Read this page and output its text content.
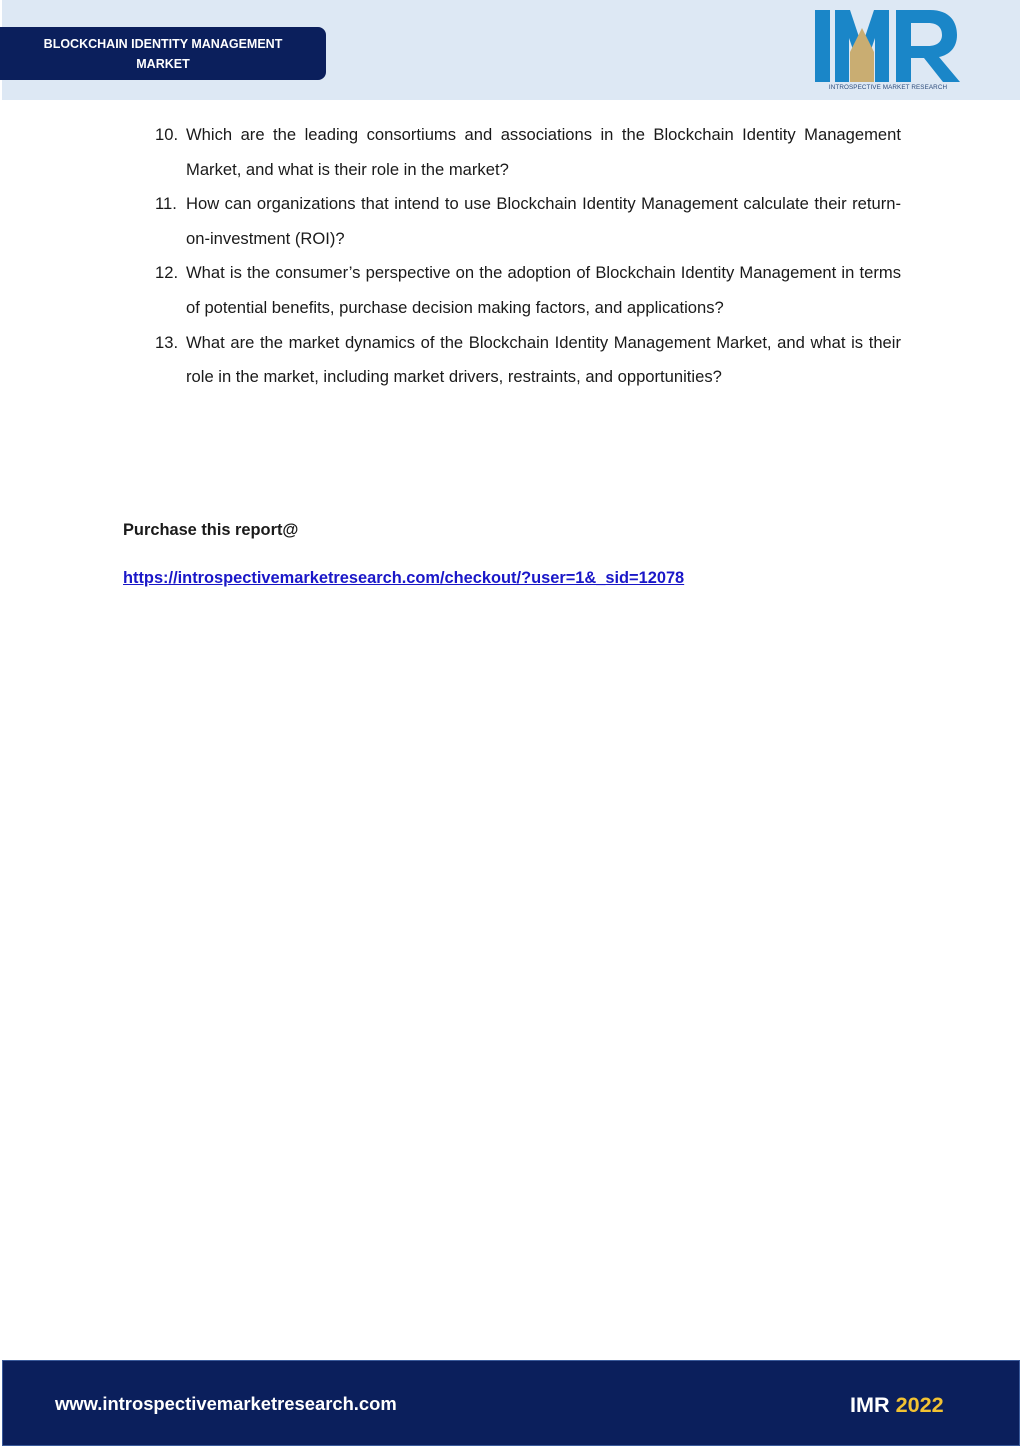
BLOCKCHAIN IDENTITY MANAGEMENT MARKET
INTROSPECTIVE MARKET RESEARCH
10. Which are the leading consortiums and associations in the Blockchain Identity Management Market, and what is their role in the market?
11. How can organizations that intend to use Blockchain Identity Management calculate their return-on-investment (ROI)?
12. What is the consumer’s perspective on the adoption of Blockchain Identity Management in terms of potential benefits, purchase decision making factors, and applications?
13. What are the market dynamics of the Blockchain Identity Management Market, and what is their role in the market, including market drivers, restraints, and opportunities?
Purchase this report@
https://introspectivemarketresearch.com/checkout/?user=1&_sid=12078
www.introspectivemarketresearch.com	IMR 2022
